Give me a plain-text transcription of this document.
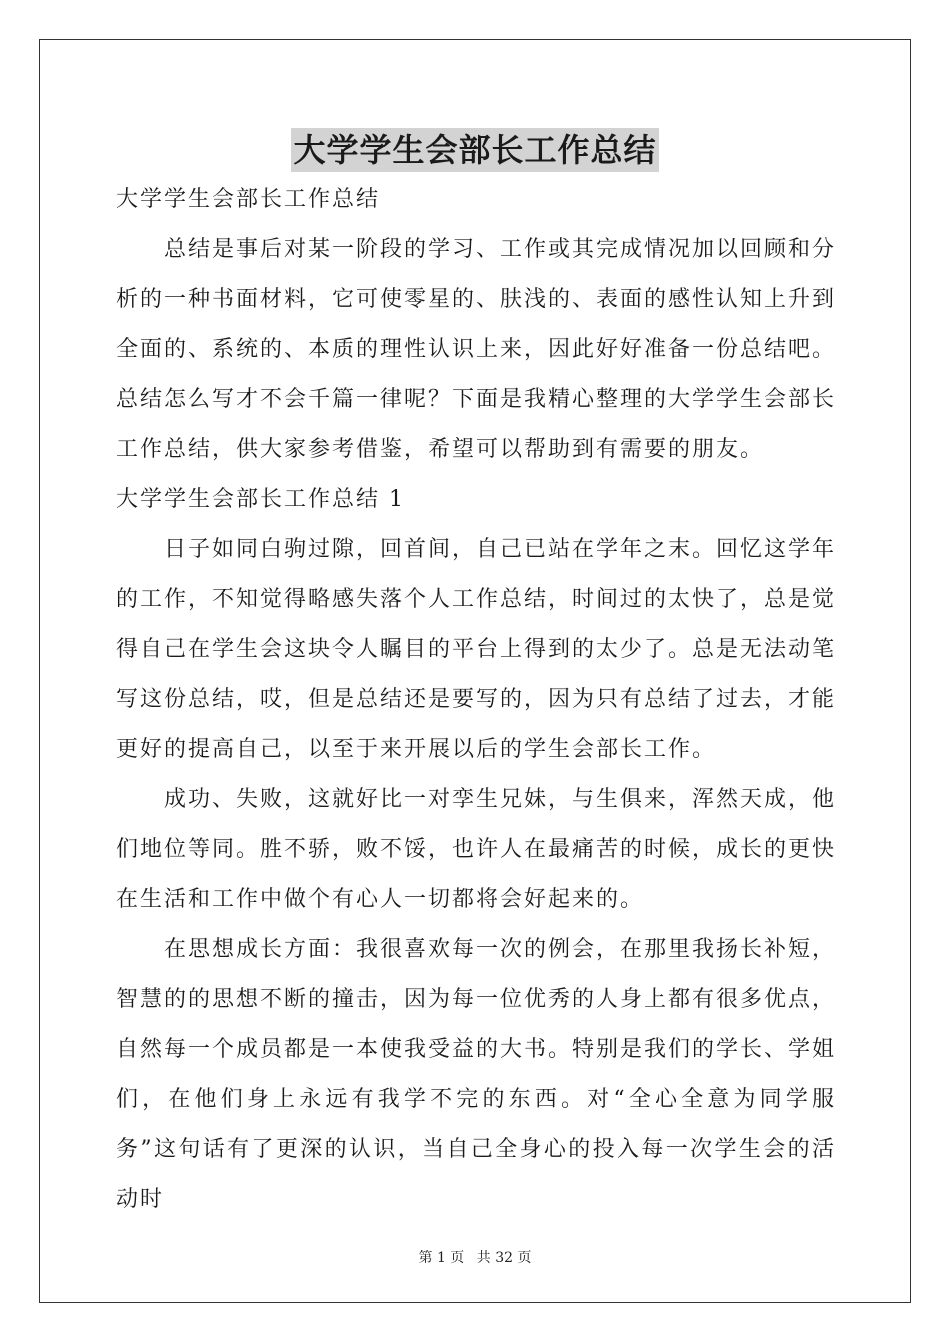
大学学生会部长工作总结

大学学生会部长工作总结

总结是事后对某一阶段的学习、工作或其完成情况加以回顾和分析的一种书面材料，它可使零星的、肤浅的、表面的感性认知上升到全面的、系统的、本质的理性认识上来，因此好好准备一份总结吧。总结怎么写才不会千篇一律呢？下面是我精心整理的大学学生会部长工作总结，供大家参考借鉴，希望可以帮助到有需要的朋友。

大学学生会部长工作总结 1

日子如同白驹过隙，回首间，自己已站在学年之末。回忆这学年的工作，不知觉得略感失落个人工作总结，时间过的太快了，总是觉得自己在学生会这块令人瞩目的平台上得到的太少了。总是无法动笔写这份总结，哎，但是总结还是要写的，因为只有总结了过去，才能更好的提高自己，以至于来开展以后的学生会部长工作。

成功、失败，这就好比一对孪生兄妹，与生俱来，浑然天成，他们地位等同。胜不骄，败不馁，也许人在最痛苦的时候，成长的更快在生活和工作中做个有心人一切都将会好起来的。

在思想成长方面：我很喜欢每一次的例会，在那里我扬长补短，智慧的的思想不断的撞击，因为每一位优秀的人身上都有很多优点，自然每一个成员都是一本使我受益的大书。特别是我们的学长、学姐们，在他们身上永远有我学不完的东西。对“全心全意为同学服务”这句话有了更深的认识，当自己全身心的投入每一次学生会的活动时

第 1 页 共 32 页
